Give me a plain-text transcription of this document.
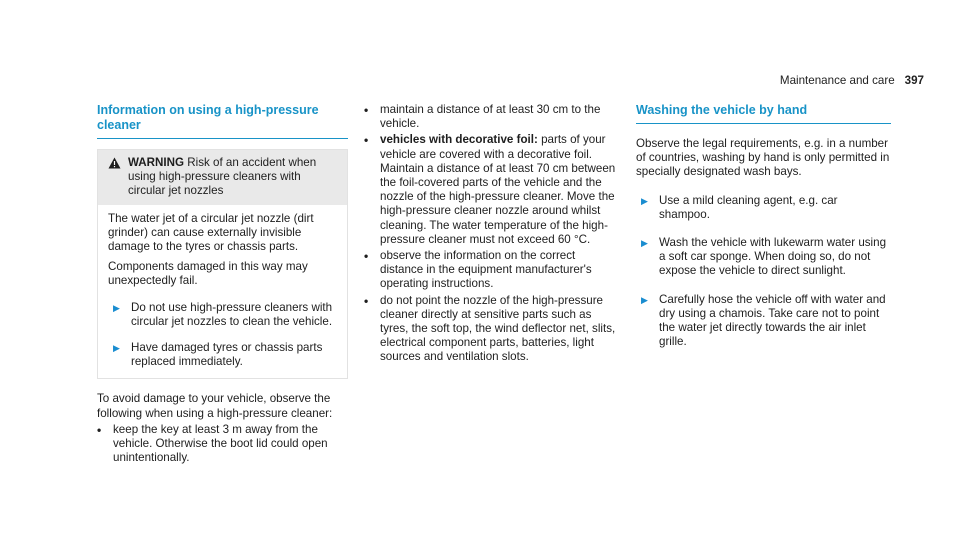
Maintenance and care 397
Information on using a high-pressure cleaner
WARNING Risk of an accident when using high-pressure cleaners with circular jet nozzles

The water jet of a circular jet nozzle (dirt grinder) can cause externally invisible damage to the tyres or chassis parts.

Components damaged in this way may unexpectedly fail.

▶ Do not use high-pressure cleaners with circular jet nozzles to clean the vehicle.
▶ Have damaged tyres or chassis parts replaced immediately.

To avoid damage to your vehicle, observe the following when using a high-pressure cleaner:

• keep the key at least 3 m away from the vehicle. Otherwise the boot lid could open unintentionally.
• maintain a distance of at least 30 cm to the vehicle.
• vehicles with decorative foil: parts of your vehicle are covered with a decorative foil. Maintain a distance of at least 70 cm between the foil-covered parts of the vehicle and the nozzle of the high-pressure cleaner. Move the high-pressure cleaner nozzle around whilst cleaning. The water temperature of the high-pressure cleaner must not exceed 60 °C.
• observe the information on the correct distance in the equipment manufacturer's operating instructions.
• do not point the nozzle of the high-pressure cleaner directly at sensitive parts such as tyres, the soft top, the wind deflector net, slits, electrical component parts, batteries, light sources and ventilation slots.
Washing the vehicle by hand

Observe the legal requirements, e.g. in a number of countries, washing by hand is only permitted in specially designated wash bays.

▶ Use a mild cleaning agent, e.g. car shampoo.
▶ Wash the vehicle with lukewarm water using a soft car sponge. When doing so, do not expose the vehicle to direct sunlight.
▶ Carefully hose the vehicle off with water and dry using a chamois. Take care not to point the water jet directly towards the air inlet grille.
